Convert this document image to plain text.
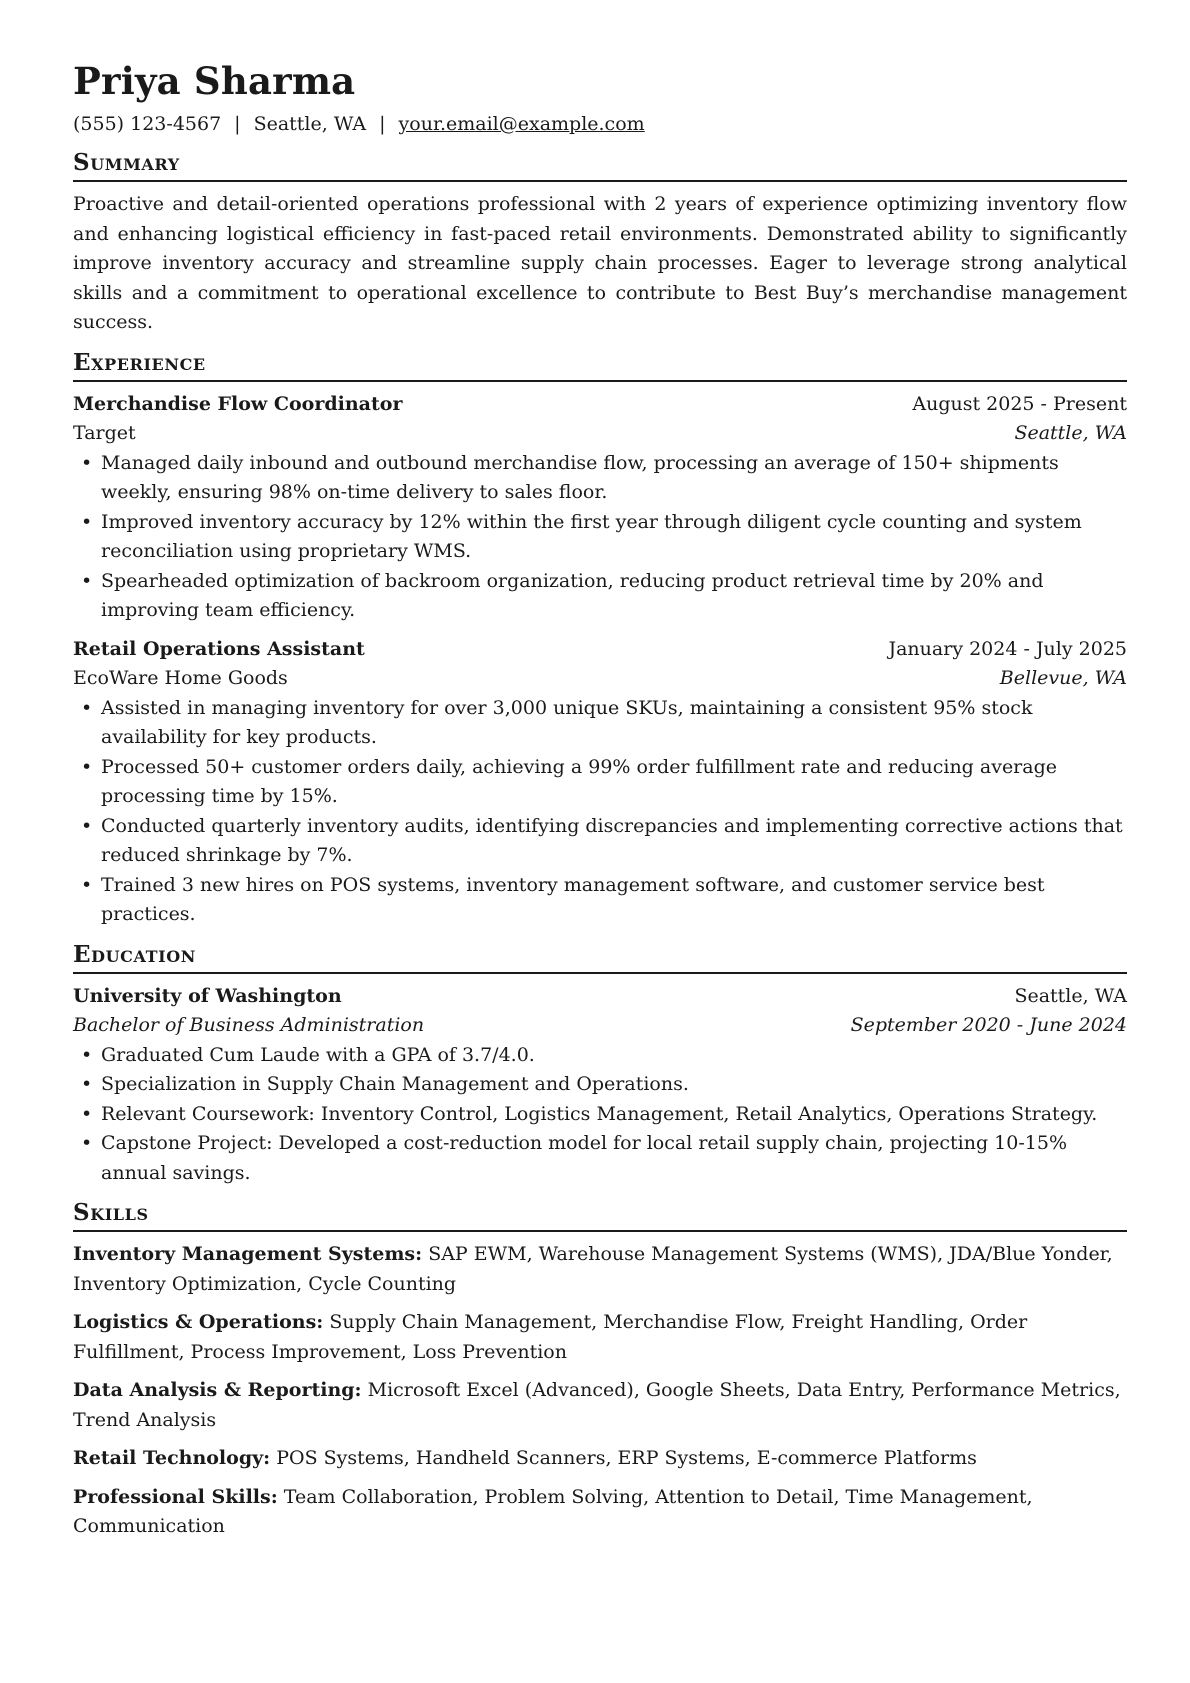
Priya Sharma
(555) 123-4567 | Seattle, WA | your.email@example.com
Summary

Proactive and detail-oriented operations professional with 2 years of experience optimizing inventory flow and enhancing logistical efficiency in fast-paced retail environments. Demonstrated ability to significantly improve inventory accuracy and streamline supply chain processes. Eager to leverage strong analytical skills and a commitment to operational excellence to contribute to Best Buy’s merchandise management success.

Experience
Merchandise Flow Coordinator	August 2025 - Present
Target	Seattle, WA
• Managed daily inbound and outbound merchandise flow, processing an average of 150+ shipments weekly, ensuring 98% on-time delivery to sales floor.
• Improved inventory accuracy by 12% within the first year through diligent cycle counting and system reconciliation using proprietary WMS.
• Spearheaded optimization of backroom organization, reducing product retrieval time by 20% and improving team efficiency.
Retail Operations Assistant	January 2024 - July 2025
EcoWare Home Goods	Bellevue, WA
• Assisted in managing inventory for over 3,000 unique SKUs, maintaining a consistent 95% stock availability for key products.
• Processed 50+ customer orders daily, achieving a 99% order fulfillment rate and reducing average processing time by 15%.
• Conducted quarterly inventory audits, identifying discrepancies and implementing corrective actions that reduced shrinkage by 7%.
• Trained 3 new hires on POS systems, inventory management software, and customer service best practices.
Education
University of Washington	Seattle, WA
Bachelor of Business Administration	September 2020 - June 2024
• Graduated Cum Laude with a GPA of 3.7/4.0.
• Specialization in Supply Chain Management and Operations.
• Relevant Coursework: Inventory Control, Logistics Management, Retail Analytics, Operations Strategy.
• Capstone Project: Developed a cost-reduction model for local retail supply chain, projecting 10-15% annual savings.
Skills

Inventory Management Systems: SAP EWM, Warehouse Management Systems (WMS), JDA/Blue Yonder, Inventory Optimization, Cycle Counting

Logistics & Operations: Supply Chain Management, Merchandise Flow, Freight Handling, Order Fulfillment, Process Improvement, Loss Prevention

Data Analysis & Reporting: Microsoft Excel (Advanced), Google Sheets, Data Entry, Performance Metrics, Trend Analysis

Retail Technology: POS Systems, Handheld Scanners, ERP Systems, E-commerce Platforms

Professional Skills: Team Collaboration, Problem Solving, Attention to Detail, Time Management, Communication
